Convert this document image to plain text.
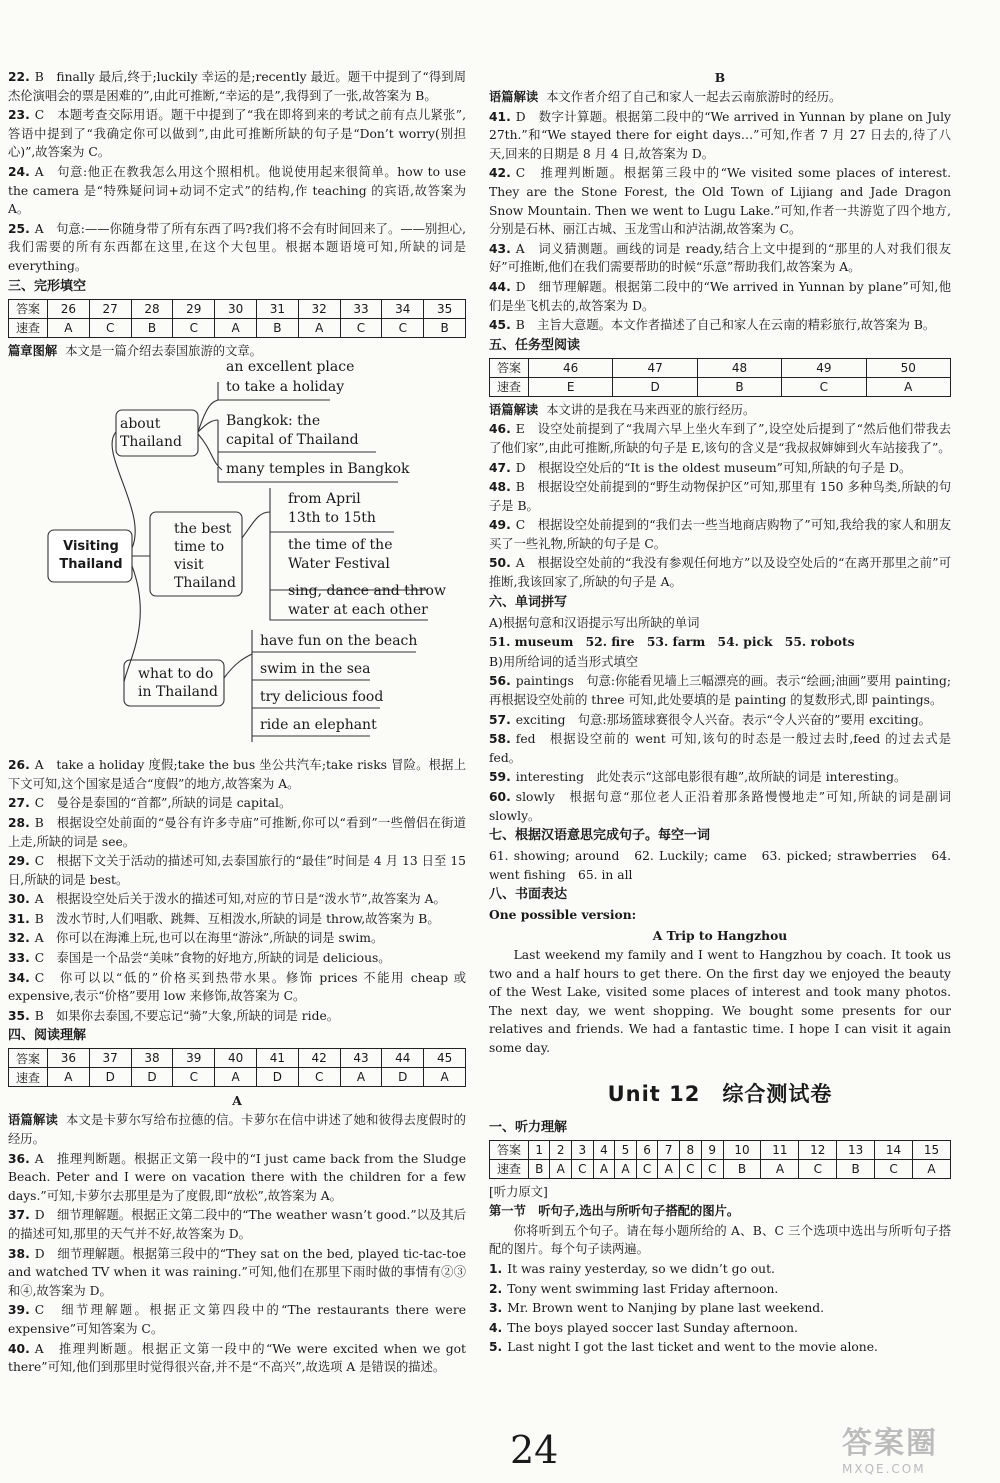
22. B　finally 最后,终于;luckily 幸运的是;recently 最近。题干中提到了“得到周杰伦演唱会的票是困难的”,由此可推断,“幸运的是”,我得到了一张,故答案为 B。
23. C　本题考查交际用语。题干中提到了“我在即将到来的考试之前有点儿紧张”,答语中提到了“我确定你可以做到”,由此可推断所缺的句子是“Don’t worry(别担心)”,故答案为 C。
24. A　句意:他正在教我怎么用这个照相机。他说使用起来很简单。how to use the camera 是“特殊疑问词+动词不定式”的结构,作 teaching 的宾语,故答案为 A。
25. A　句意:——你随身带了所有东西了吗?我们将不会有时间回来了。——别担心,我们需要的所有东西都在这里,在这个大包里。根据本题语境可知,所缺的词是 everything。
三、完形填空
答案	26	27	28	29	30	31	32	33	34	35
速查	A	C	B	C	A	B	A	C	C	B
篇章图解 本文是一篇介绍去泰国旅游的文章。
Visiting Thailand
about Thailand
the best time to visit Thailand
what to do in Thailand
an excellent place
to take a holiday
Bangkok: the
capital of Thailand
many temples in Bangkok
from April
13th to 15th
the time of the
Water Festival
sing, dance and throw
water at each other
have fun on the beach
swim in the sea
try delicious food
ride an elephant
26. A　take a holiday 度假;take the bus 坐公共汽车;take risks 冒险。根据上下文可知,这个国家是适合“度假”的地方,故答案为 A。
27. C　曼谷是泰国的“首都”,所缺的词是 capital。
28. B　根据设空处前面的“曼谷有许多寺庙”可推断,你可以“看到”一些僧侣在街道上走,所缺的词是 see。
29. C　根据下文关于活动的描述可知,去泰国旅行的“最佳”时间是 4 月 13 日至 15 日,所缺的词是 best。
30. A　根据设空处后关于泼水的描述可知,对应的节日是“泼水节”,故答案为 A。
31. B　泼水节时,人们唱歌、跳舞、互相泼水,所缺的词是 throw,故答案为 B。
32. A　你可以在海滩上玩,也可以在海里“游泳”,所缺的词是 swim。
33. C　泰国是一个品尝“美味”食物的好地方,所缺的词是 delicious。
34. C　你可以以“低的”价格买到热带水果。修饰 prices 不能用 cheap 或 expensive,表示“价格”要用 low 来修饰,故答案为 C。
35. B　如果你去泰国,不要忘记“骑”大象,所缺的词是 ride。
四、阅读理解
答案	36	37	38	39	40	41	42	43	44	45
速查	A	D	D	C	A	D	C	A	D	A
A
语篇解读 本文是卡萝尔写给布拉德的信。卡萝尔在信中讲述了她和彼得去度假时的经历。
36. A　推理判断题。根据正文第一段中的“I just came back from the Sludge Beach. Peter and I were on vacation there with the children for a few days.”可知,卡萝尔去那里是为了度假,即“放松”,故答案为 A。
37. D　细节理解题。根据正文第二段中的“The weather wasn’t good.”以及其后的描述可知,那里的天气并不好,故答案为 D。
38. D　细节理解题。根据第三段中的“They sat on the bed, played tic-tac-toe and watched TV when it was raining.”可知,他们在那里下雨时做的事情有②③和④,故答案为 D。
39. C　细节理解题。根据正文第四段中的“The restaurants there were expensive”可知答案为 C。
40. A　推理判断题。根据正文第一段中的“We were excited when we got there”可知,他们到那里时觉得很兴奋,并不是“不高兴”,故选项 A 是错误的描述。
B
语篇解读 本文作者介绍了自己和家人一起去云南旅游时的经历。
41. D　数字计算题。根据第二段中的“We arrived in Yunnan by plane on July 27th.”和“We stayed there for eight days…”可知,作者 7 月 27 日去的,待了八天,回来的日期是 8 月 4 日,故答案为 D。
42. C　推理判断题。根据第三段中的“We visited some places of interest. They are the Stone Forest, the Old Town of Lijiang and Jade Dragon Snow Mountain. Then we went to Lugu Lake.”可知,作者一共游览了四个地方,分别是石林、丽江古城、玉龙雪山和泸沽湖,故答案为 C。
43. A　词义猜测题。画线的词是 ready,结合上文中提到的“那里的人对我们很友好”可推断,他们在我们需要帮助的时候“乐意”帮助我们,故答案为 A。
44. D　细节理解题。根据第二段中的“We arrived in Yunnan by plane”可知,他们是坐飞机去的,故答案为 D。
45. B　主旨大意题。本文作者描述了自己和家人在云南的精彩旅行,故答案为 B。
五、任务型阅读
答案	46	47	48	49	50
速查	E	D	B	C	A
语篇解读 本文讲的是我在马来西亚的旅行经历。
46. E　设空处前提到了“我周六早上坐火车到了”,设空处后提到了“然后他们带我去了他们家”,由此可推断,所缺的句子是 E,该句的含义是“我叔叔婶婶到火车站接我了”。
47. D　根据设空处后的“It is the oldest museum”可知,所缺的句子是 D。
48. B　根据设空处前提到的“野生动物保护区”可知,那里有 150 多种鸟类,所缺的句子是 B。
49. C　根据设空处前提到的“我们去一些当地商店购物了”可知,我给我的家人和朋友买了一些礼物,所缺的句子是 C。
50. A　根据设空处前的“我没有参观任何地方”以及设空处后的“在离开那里之前”可推断,我该回家了,所缺的句子是 A。
六、单词拼写
A)根据句意和汉语提示写出所缺的单词
51. museum　52. fire　53. farm　54. pick　55. robots
B)用所给词的适当形式填空
56. paintings　句意:你能看见墙上三幅漂亮的画。表示“绘画;油画”要用 painting;再根据设空处前的 three 可知,此处要填的是 painting 的复数形式,即 paintings。
57. exciting　句意:那场篮球赛很令人兴奋。表示“令人兴奋的”要用 exciting。
58. fed　根据设空前的 went 可知,该句的时态是一般过去时,feed 的过去式是 fed。
59. interesting　此处表示“这部电影很有趣”,故所缺的词是 interesting。
60. slowly　根据句意“那位老人正沿着那条路慢慢地走”可知,所缺的词是副词 slowly。
七、根据汉语意思完成句子。每空一词
61. showing; around　62. Luckily; came　63. picked; strawberries　64. went fishing　65. in all
八、书面表达
One possible version:
A Trip to Hangzhou

Last weekend my family and I went to Hangzhou by coach. It took us two and a half hours to get there. On the first day we enjoyed the beauty of the West Lake, visited some places of interest and took many photos. The next day, we went shopping. We bought some presents for our relatives and friends. We had a fantastic time. I hope I can visit it again some day.

Unit 12　综合测试卷
一、听力理解
答案	1	2	3	4	5	6	7	8	9	10	11	12	13	14	15
速查	B	A	C	A	A	C	A	C	C	B	A	C	B	C	A
[听力原文]
第一节　听句子,选出与所听句子搭配的图片。
你将听到五个句子。请在每小题所给的 A、B、C 三个选项中选出与所听句子搭配的图片。每个句子读两遍。
1. It was rainy yesterday, so we didn’t go out.
2. Tony went swimming last Friday afternoon.
3. Mr. Brown went to Nanjing by plane last weekend.
4. The boys played soccer last Sunday afternoon.
5. Last night I got the last ticket and went to the movie alone.
24	答案圈
MXQE.COM
